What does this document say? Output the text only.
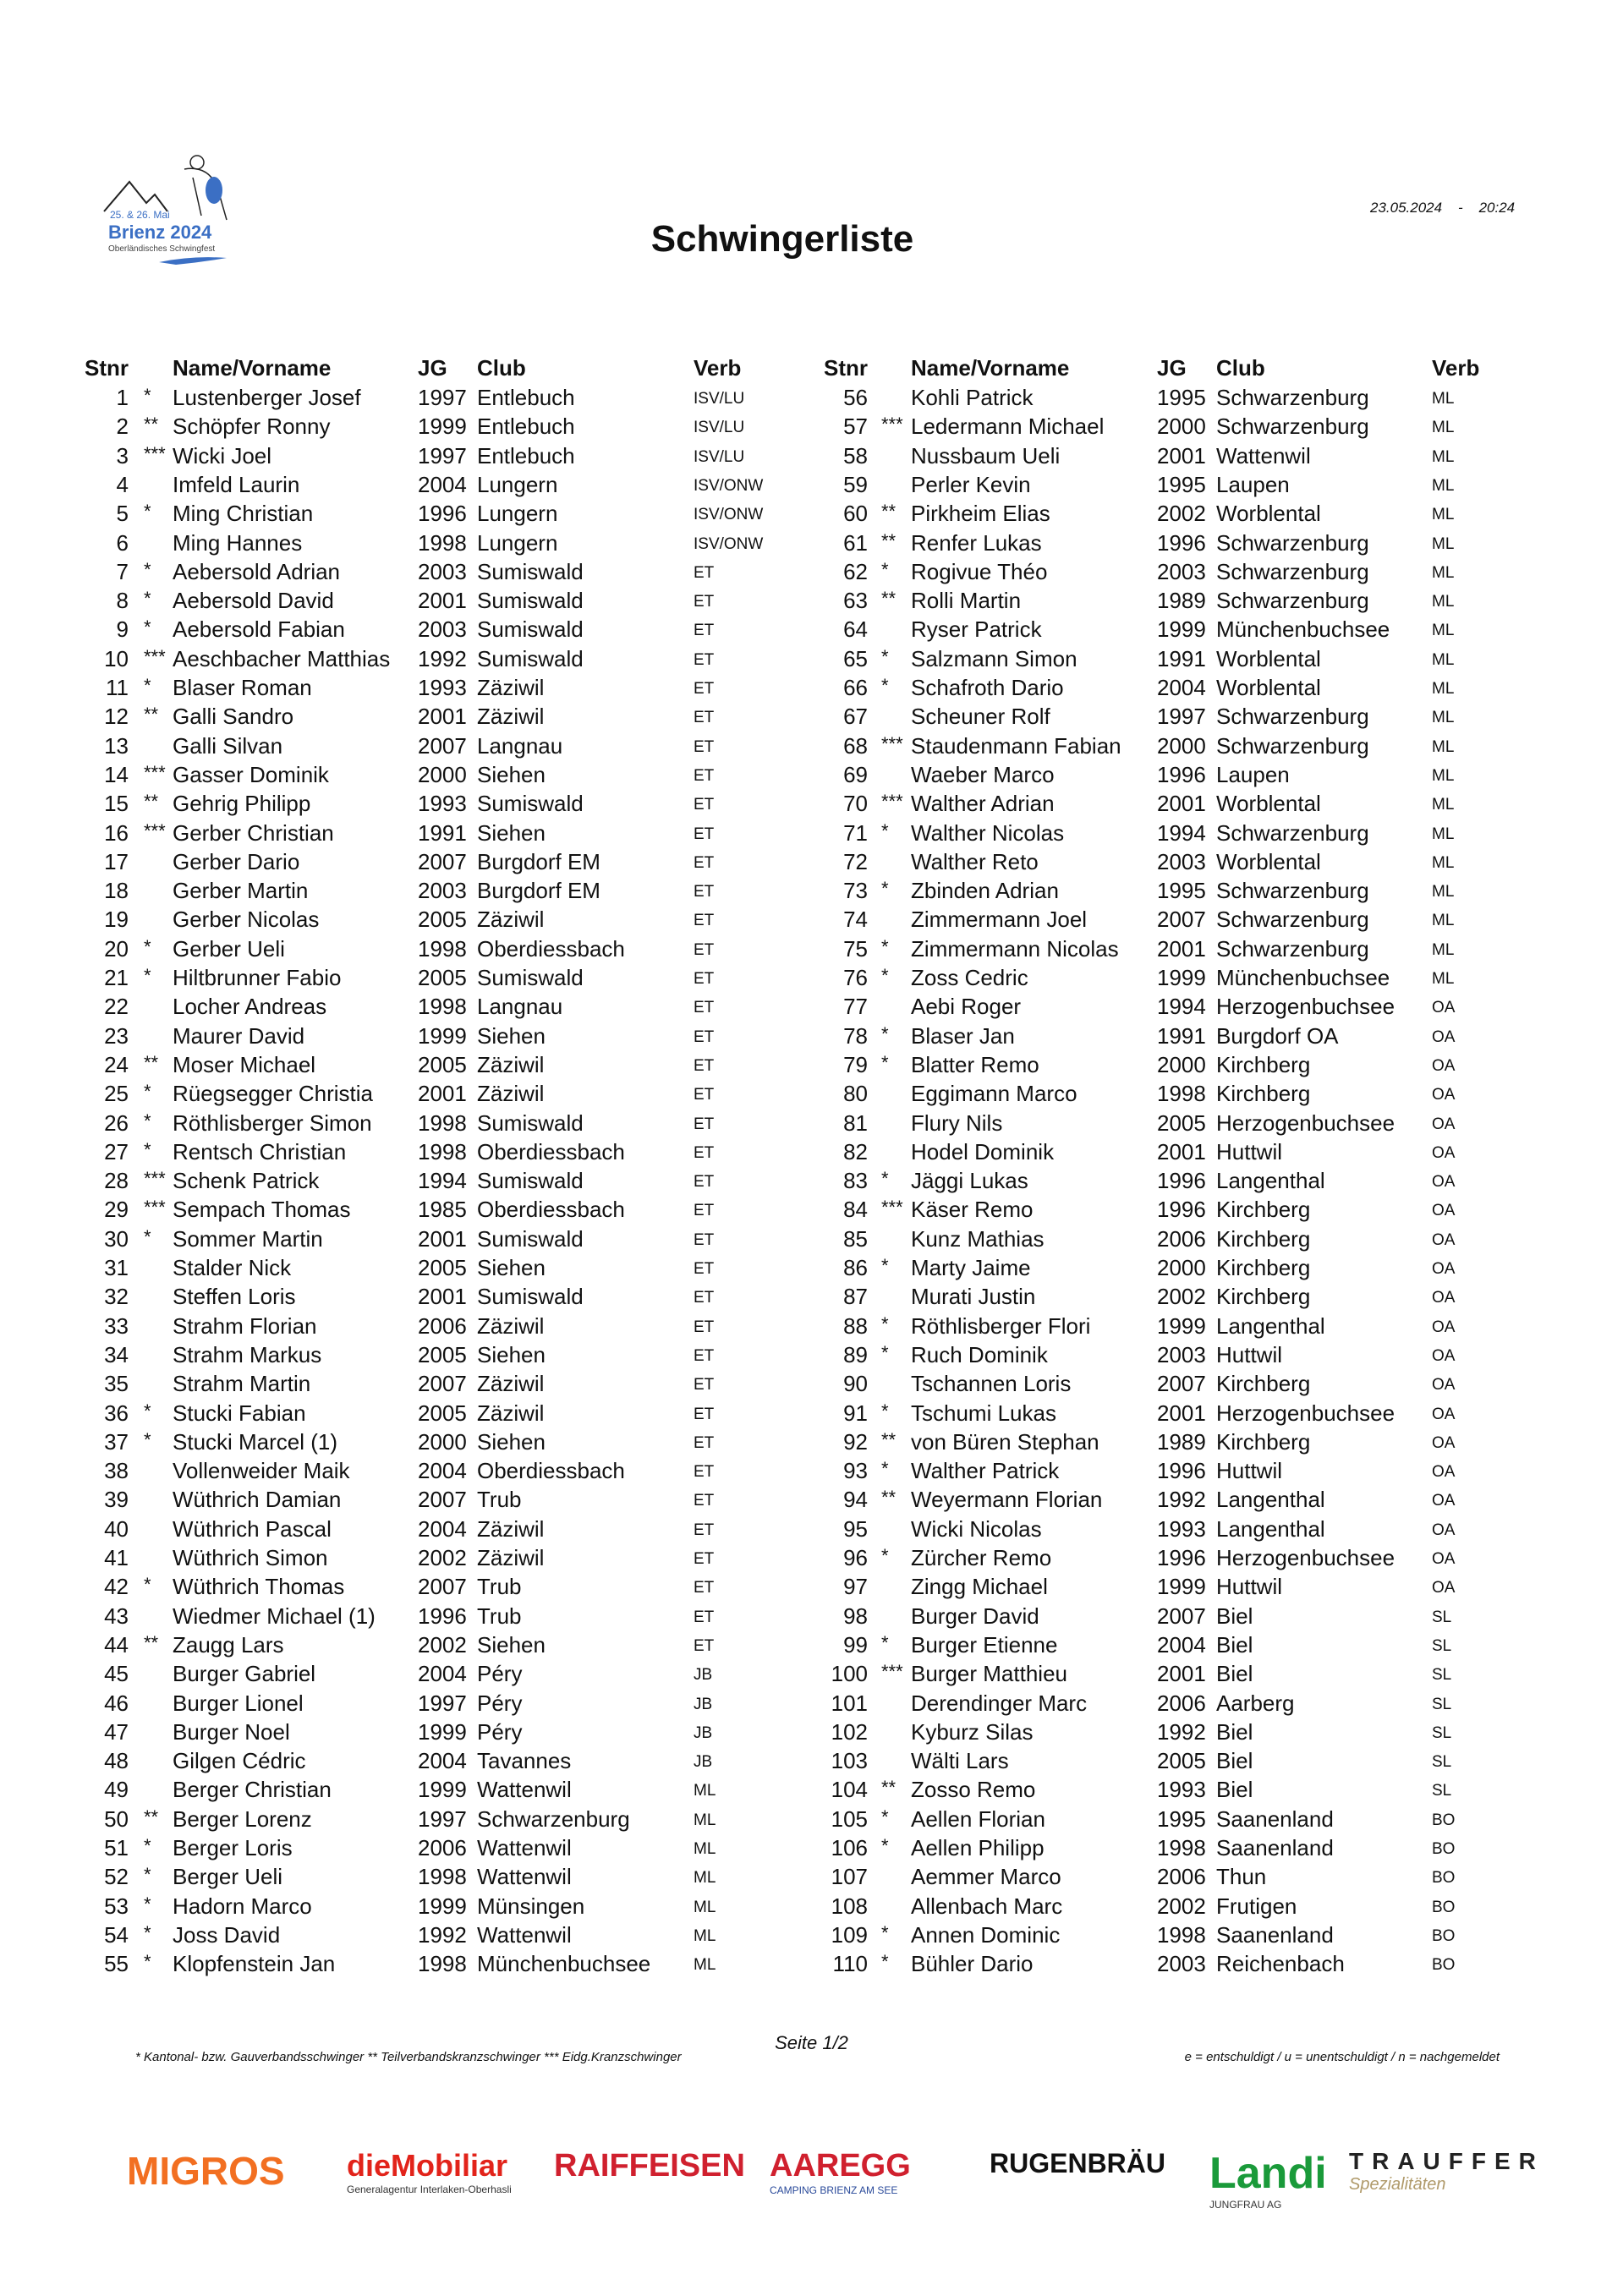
25. & 26. Mai
Brienz 2024
Oberländisches Schwingfest	Schwingerliste
23.05.2024 - 20:24
Stnr Name/Vorname	JG Club	Verb	Stnr Name/Vorname	JG Club	Verb
1 * Lustenberger Josef	1997 Entlebuch	ISV/LU
2 ** Schöpfer Ronny	1999 Entlebuch	ISV/LU
3 *** Wicki Joel	1997 Entlebuch	ISV/LU
4 Imfeld Laurin	2004 Lungern	ISV/ONW
5 * Ming Christian	1996 Lungern	ISV/ONW
6 Ming Hannes	1998 Lungern	ISV/ONW
7 * Aebersold Adrian	2003 Sumiswald	ET
8 * Aebersold David	2001 Sumiswald	ET
9 * Aebersold Fabian	2003 Sumiswald	ET
10 *** Aeschbacher Matthias 1992 Sumiswald	ET
11 * Blaser Roman	1993 Zäziwil	ET
12 ** Galli Sandro	2001 Zäziwil	ET
13 Galli Silvan	2007 Langnau	ET
14 *** Gasser Dominik	2000 Siehen	ET
15 ** Gehrig Philipp	1993 Sumiswald	ET
16 *** Gerber Christian	1991 Siehen	ET
17 Gerber Dario	2007 Burgdorf EM	ET
18 Gerber Martin	2003 Burgdorf EM	ET
19 Gerber Nicolas	2005 Zäziwil	ET
20 * Gerber Ueli	1998 Oberdiessbach	ET
21 * Hiltbrunner Fabio	2005 Sumiswald	ET
22 Locher Andreas	1998 Langnau	ET
23 Maurer David	1999 Siehen	ET
24 ** Moser Michael	2005 Zäziwil	ET
25 * Rüegsegger Christia 2001 Zäziwil	ET
26 * Röthlisberger Simon 1998 Sumiswald	ET
27 * Rentsch Christian	1998 Oberdiessbach	ET
28 *** Schenk Patrick	1994 Sumiswald	ET
29 *** Sempach Thomas	1985 Oberdiessbach	ET
30 * Sommer Martin	2001 Sumiswald	ET
31 Stalder Nick	2005 Siehen	ET
32 Steffen Loris	2001 Sumiswald	ET
33 Strahm Florian	2006 Zäziwil	ET
34 Strahm Markus	2005 Siehen	ET
35 Strahm Martin	2007 Zäziwil	ET
36 * Stucki Fabian	2005 Zäziwil	ET
37 * Stucki Marcel (1)	2000 Siehen	ET
38 Vollenweider Maik	2004 Oberdiessbach	ET
39 Wüthrich Damian	2007 Trub	ET
40 Wüthrich Pascal	2004 Zäziwil	ET
41 Wüthrich Simon	2002 Zäziwil	ET
42 * Wüthrich Thomas	2007 Trub	ET
43 Wiedmer Michael (1) 1996 Trub	ET
44 ** Zaugg Lars	2002 Siehen	ET
45 Burger Gabriel	2004 Péry	JB
46 Burger Lionel	1997 Péry	JB
47 Burger Noel	1999 Péry	JB
48 Gilgen Cédric	2004 Tavannes	JB
49 Berger Christian	1999 Wattenwil	ML
50 ** Berger Lorenz	1997 Schwarzenburg	ML
51 * Berger Loris	2006 Wattenwil	ML
52 * Berger Ueli	1998 Wattenwil	ML
53 * Hadorn Marco	1999 Münsingen	ML
54 * Joss David	1992 Wattenwil	ML
55 * Klopfenstein Jan	1998 Münchenbuchsee	ML
56 Kohli Patrick	1995 Schwarzenburg	ML
57 *** Ledermann Michael 2000 Schwarzenburg	ML
58 Nussbaum Ueli	2001 Wattenwil	ML
59 Perler Kevin	1995 Laupen	ML
60 ** Pirkheim Elias	2002 Worblental	ML
61 ** Renfer Lukas	1996 Schwarzenburg	ML
62 * Rogivue Théo	2003 Schwarzenburg	ML
63 ** Rolli Martin	1989 Schwarzenburg	ML
64 Ryser Patrick	1999 Münchenbuchsee	ML
65 * Salzmann Simon	1991 Worblental	ML
66 * Schafroth Dario	2004 Worblental	ML
67 Scheuner Rolf	1997 Schwarzenburg	ML
68 *** Staudenmann Fabian 2000 Schwarzenburg	ML
69 Waeber Marco	1996 Laupen	ML
70 *** Walther Adrian	2001 Worblental	ML
71 * Walther Nicolas	1994 Schwarzenburg	ML
72 Walther Reto	2003 Worblental	ML
73 * Zbinden Adrian	1995 Schwarzenburg	ML
74 Zimmermann Joel	2007 Schwarzenburg	ML
75 * Zimmermann Nicolas 2001 Schwarzenburg	ML
76 * Zoss Cedric	1999 Münchenbuchsee	ML
77 Aebi Roger	1994 Herzogenbuchsee OA
78 * Blaser Jan	1991 Burgdorf OA	OA
79 * Blatter Remo	2000 Kirchberg	OA
80 Eggimann Marco	1998 Kirchberg	OA
81 Flury Nils	2005 Herzogenbuchsee OA
82 Hodel Dominik	2001 Huttwil	OA
83 * Jäggi Lukas	1996 Langenthal	OA
84 *** Käser Remo	1996 Kirchberg	OA
85 Kunz Mathias	2006 Kirchberg	OA
86 * Marty Jaime	2000 Kirchberg	OA
87 Murati Justin	2002 Kirchberg	OA
88 * Röthlisberger Flori	1999 Langenthal	OA
89 * Ruch Dominik	2003 Huttwil	OA
90 Tschannen Loris	2007 Kirchberg	OA
91 * Tschumi Lukas	2001 Herzogenbuchsee OA
92 ** von Büren Stephan	1989 Kirchberg	OA
93 * Walther Patrick	1996 Huttwil	OA
94 ** Weyermann Florian 1992 Langenthal	OA
95 Wicki Nicolas	1993 Langenthal	OA
96 * Zürcher Remo	1996 Herzogenbuchsee OA
97 Zingg Michael	1999 Huttwil	OA
98 Burger David	2007 Biel	SL
99 * Burger Etienne	2004 Biel	SL
100 *** Burger Matthieu	2001 Biel	SL
101 Derendinger Marc	2006 Aarberg	SL
102 Kyburz Silas	1992 Biel	SL
103 Wälti Lars	2005 Biel	SL
104 ** Zosso Remo	1993 Biel	SL
105 * Aellen Florian	1995 Saanenland	BO
106 * Aellen Philipp	1998 Saanenland	BO
107 Aemmer Marco	2006 Thun	BO
108 Allenbach Marc	2002 Frutigen	BO
109 * Annen Dominic	1998 Saanenland	BO
110 * Bühler Dario	2003 Reichenbach	BO
Seite 1/2
* Kantonal- bzw. Gauverbandsschwinger ** Teilverbandskranzschwinger *** Eidg.Kranzschwinger	e = entschuldigt / u = unentschuldigt / n = nachgemeldet
MIGROS dieMobiliar
Generalagentur Interlaken-Oberhasli
RAIFFEISEN AAREGG
CAMPING BRIENZ AM SEE
RUGENBRÄU Landi
JUNGFRAU AG
TRAUFFER
Spezialitäten
